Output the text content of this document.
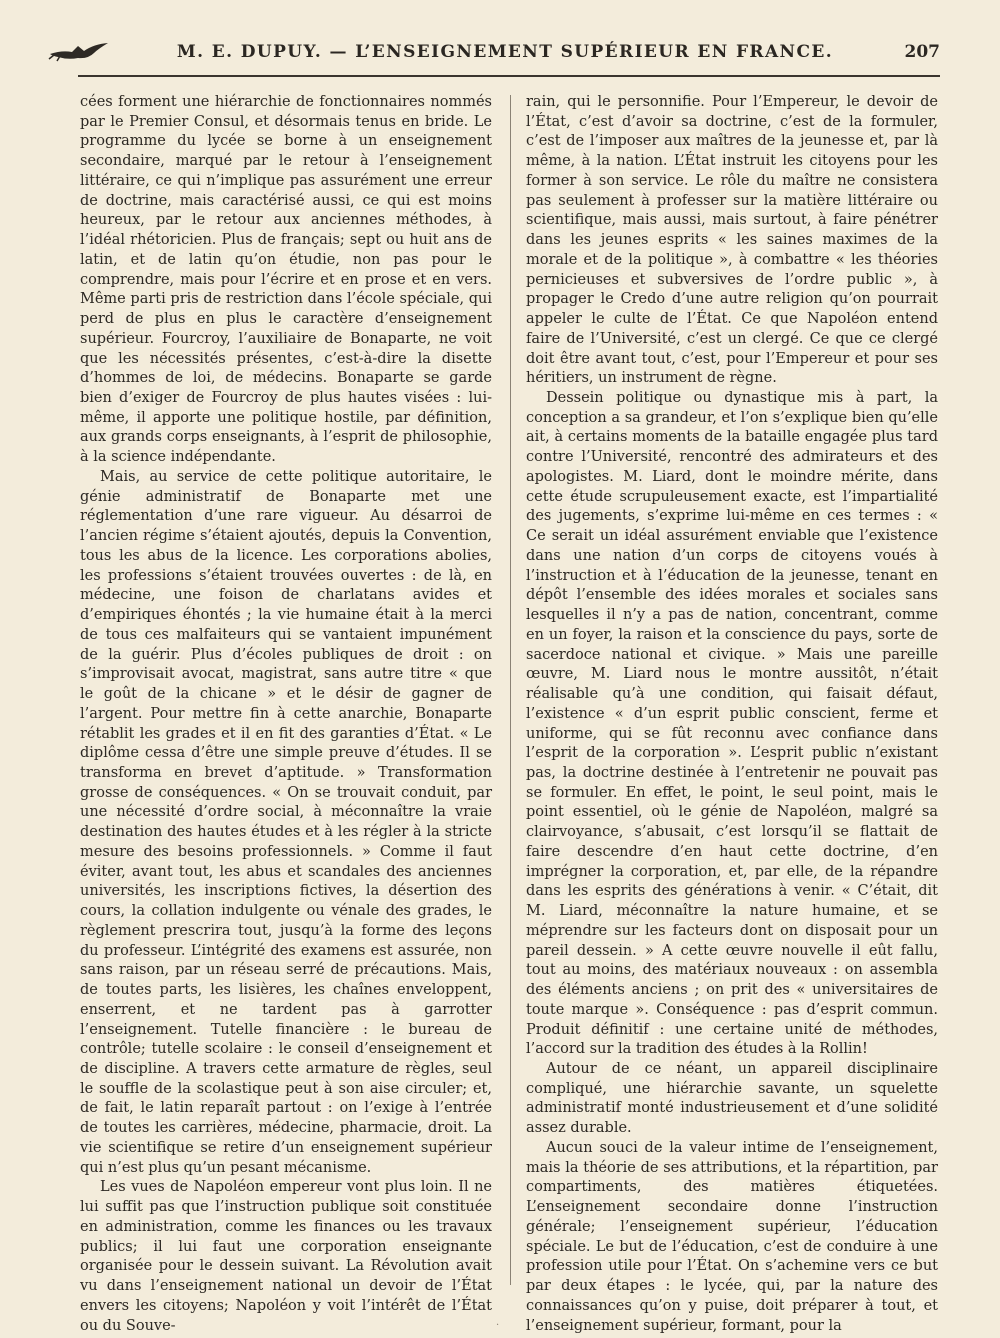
M. E. DUPUY. — L’ENSEIGNEMENT SUPÉRIEUR EN FRANCE.	207

cées forment une hiérarchie de fonctionnaires nommés par le Premier Consul, et désormais tenus en bride. Le programme du lycée se borne à un enseignement secondaire, marqué par le retour à l’enseignement littéraire, ce qui n’implique pas assurément une erreur de doctrine, mais caractérisé aussi, ce qui est moins heureux, par le retour aux anciennes méthodes, à l’idéal rhétoricien. Plus de français; sept ou huit ans de latin, et de latin qu’on étudie, non pas pour le comprendre, mais pour l’écrire et en prose et en vers. Même parti pris de restriction dans l’école spéciale, qui perd de plus en plus le caractère d’enseignement supérieur. Fourcroy, l’auxiliaire de Bonaparte, ne voit que les nécessités présentes, c’est-à-dire la disette d’hommes de loi, de médecins. Bonaparte se garde bien d’exiger de Fourcroy de plus hautes visées : lui-même, il apporte une politique hostile, par définition, aux grands corps enseignants, à l’esprit de philosophie, à la science indépendante.

Mais, au service de cette politique autoritaire, le génie administratif de Bonaparte met une réglementation d’une rare vigueur. Au désarroi de l’ancien régime s’étaient ajoutés, depuis la Convention, tous les abus de la licence. Les corporations abolies, les professions s’étaient trouvées ouvertes : de là, en médecine, une foison de charlatans avides et d’empiriques éhontés ; la vie humaine était à la merci de tous ces malfaiteurs qui se vantaient impunément de la guérir. Plus d’écoles publiques de droit : on s’improvisait avocat, magistrat, sans autre titre « que le goût de la chicane » et le désir de gagner de l’argent. Pour mettre fin à cette anarchie, Bonaparte rétablit les grades et il en fit des garanties d’État. « Le diplôme cessa d’être une simple preuve d’études. Il se transforma en brevet d’aptitude. » Transformation grosse de conséquences. « On se trouvait conduit, par une nécessité d’ordre social, à méconnaître la vraie destination des hautes études et à les régler à la stricte mesure des besoins professionnels. » Comme il faut éviter, avant tout, les abus et scandales des anciennes universités, les inscriptions fictives, la désertion des cours, la collation indulgente ou vénale des grades, le règlement prescrira tout, jusqu’à la forme des leçons du professeur. L’intégrité des examens est assurée, non sans raison, par un réseau serré de précautions. Mais, de toutes parts, les lisières, les chaînes enveloppent, enserrent, et ne tardent pas à garrotter l’enseignement. Tutelle financière : le bureau de contrôle; tutelle scolaire : le conseil d’enseignement et de discipline. A travers cette armature de règles, seul le souffle de la scolastique peut à son aise circuler; et, de fait, le latin reparaît partout : on l’exige à l’entrée de toutes les carrières, médecine, pharmacie, droit. La vie scientifique se retire d’un enseignement supérieur qui n’est plus qu’un pesant mécanisme.

Les vues de Napoléon empereur vont plus loin. Il ne lui suffit pas que l’instruction publique soit constituée en administration, comme les finances ou les travaux publics; il lui faut une corporation enseignante organisée pour le dessein suivant. La Révolution avait vu dans l’enseignement national un devoir de l’État envers les citoyens; Napoléon y voit l’intérêt de l’État ou du Souve-

rain, qui le personnifie. Pour l’Empereur, le devoir de l’État, c’est d’avoir sa doctrine, c’est de la formuler, c’est de l’imposer aux maîtres de la jeunesse et, par là même, à la nation. L’État instruit les citoyens pour les former à son service. Le rôle du maître ne consistera pas seulement à professer sur la matière littéraire ou scientifique, mais aussi, mais surtout, à faire pénétrer dans les jeunes esprits « les saines maximes de la morale et de la politique », à combattre « les théories pernicieuses et subversives de l’ordre public », à propager le Credo d’une autre religion qu’on pourrait appeler le culte de l’État. Ce que Napoléon entend faire de l’Université, c’est un clergé. Ce que ce clergé doit être avant tout, c’est, pour l’Empereur et pour ses héritiers, un instrument de règne.

Dessein politique ou dynastique mis à part, la conception a sa grandeur, et l’on s’explique bien qu’elle ait, à certains moments de la bataille engagée plus tard contre l’Université, rencontré des admirateurs et des apologistes. M. Liard, dont le moindre mérite, dans cette étude scrupuleusement exacte, est l’impartialité des jugements, s’exprime lui-même en ces termes : « Ce serait un idéal assurément enviable que l’existence dans une nation d’un corps de citoyens voués à l’instruction et à l’éducation de la jeunesse, tenant en dépôt l’ensemble des idées morales et sociales sans lesquelles il n’y a pas de nation, concentrant, comme en un foyer, la raison et la conscience du pays, sorte de sacerdoce national et civique. » Mais une pareille œuvre, M. Liard nous le montre aussitôt, n’était réalisable qu’à une condition, qui faisait défaut, l’existence « d’un esprit public conscient, ferme et uniforme, qui se fût reconnu avec confiance dans l’esprit de la corporation ». L’esprit public n’existant pas, la doctrine destinée à l’entretenir ne pouvait pas se formuler. En effet, le point, le seul point, mais le point essentiel, où le génie de Napoléon, malgré sa clairvoyance, s’abusait, c’est lorsqu’il se flattait de faire descendre d’en haut cette doctrine, d’en imprégner la corporation, et, par elle, de la répandre dans les esprits des générations à venir. « C’était, dit M. Liard, méconnaître la nature humaine, et se méprendre sur les facteurs dont on disposait pour un pareil dessein. » A cette œuvre nouvelle il eût fallu, tout au moins, des matériaux nouveaux : on assembla des éléments anciens ; on prit des « universitaires de toute marque ». Conséquence : pas d’esprit commun. Produit définitif : une certaine unité de méthodes, l’accord sur la tradition des études à la Rollin!

Autour de ce néant, un appareil disciplinaire compliqué, une hiérarchie savante, un squelette administratif monté industrieusement et d’une solidité assez durable.

Aucun souci de la valeur intime de l’enseignement, mais la théorie de ses attributions, et la répartition, par compartiments, des matières étiquetées. L’enseignement secondaire donne l’instruction générale; l’enseignement supérieur, l’éducation spéciale. Le but de l’éducation, c’est de conduire à une profession utile pour l’État. On s’achemine vers ce but par deux étapes : le lycée, qui, par la nature des connaissances qu’on y puise, doit préparer à tout, et l’enseignement supérieur, formant, pour la

·
